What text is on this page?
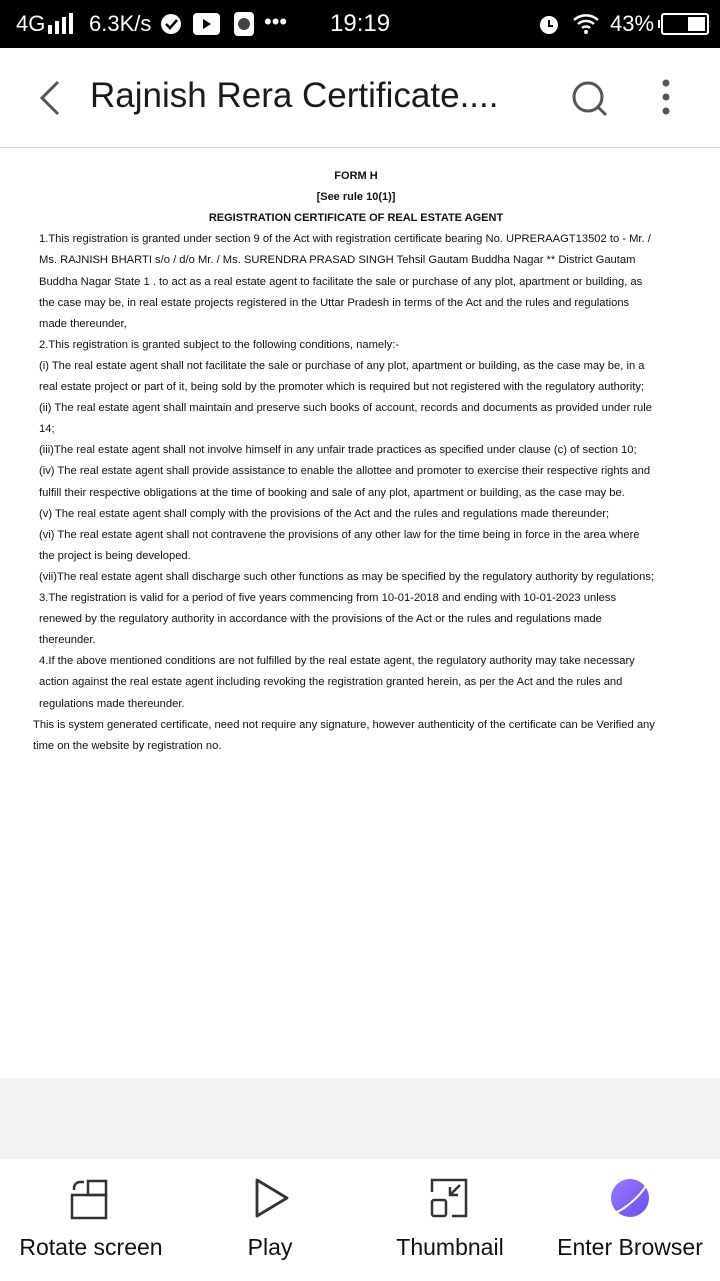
4G 6.3K/s	••• 19:19	43%
Rajnish Rera Certificate....
FORM H
[See rule 10(1)]
REGISTRATION CERTIFICATE OF REAL ESTATE AGENT
1.This registration is granted under section 9 of the Act with registration certificate bearing No. UPRERAAGT13502 to - Mr. /
Ms. RAJNISH BHARTI s/o / d/o Mr. / Ms. SURENDRA PRASAD SINGH Tehsil Gautam Buddha Nagar ** District Gautam
Buddha Nagar State 1 . to act as a real estate agent to facilitate the sale or purchase of any plot, apartment or building, as
the case may be, in real estate projects registered in the Uttar Pradesh in terms of the Act and the rules and regulations
made thereunder,
2.This registration is granted subject to the following conditions, namely:-
(i) The real estate agent shall not facilitate the sale or purchase of any plot, apartment or building, as the case may be, in a
real estate project or part of it, being sold by the promoter which is required but not registered with the regulatory authority;
(ii) The real estate agent shall maintain and preserve such books of account, records and documents as provided under rule
14;
(iii)The real estate agent shall not involve himself in any unfair trade practices as specified under clause (c) of section 10;
(iv) The real estate agent shall provide assistance to enable the allottee and promoter to exercise their respective rights and
fulfill their respective obligations at the time of booking and sale of any plot, apartment or building, as the case may be.
(v) The real estate agent shall comply with the provisions of the Act and the rules and regulations made thereunder;
(vi) The real estate agent shall not contravene the provisions of any other law for the time being in force in the area where
the project is being developed.
(vii)The real estate agent shall discharge such other functions as may be specified by the regulatory authority by regulations;
3.The registration is valid for a period of five years commencing from 10-01-2018 and ending with 10-01-2023 unless
renewed by the regulatory authority in accordance with the provisions of the Act or the rules and regulations made
thereunder.
4.If the above mentioned conditions are not fulfilled by the real estate agent, the regulatory authority may take necessary
action against the real estate agent including revoking the registration granted herein, as per the Act and the rules and
regulations made thereunder.
This is system generated certificate, need not require any signature, however authenticity of the certificate can be Verified any
time on the website by registration no.
Rotate screen	Play	Thumbnail	Enter Browser
